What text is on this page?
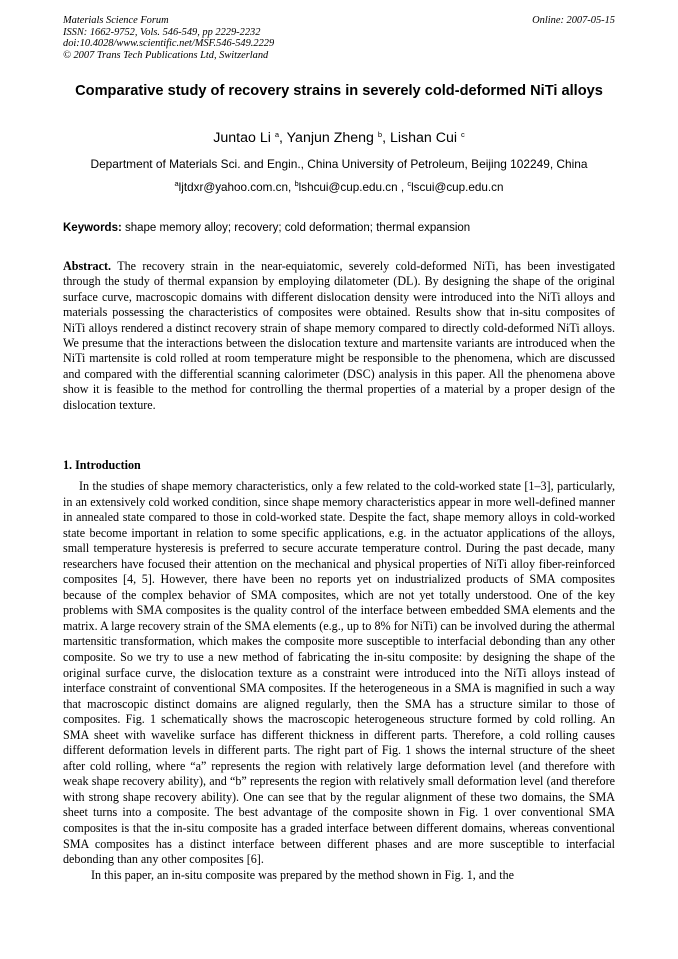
Materials Science Forum
ISSN: 1662-9752, Vols. 546-549, pp 2229-2232
doi:10.4028/www.scientific.net/MSF.546-549.2229
© 2007 Trans Tech Publications Ltd, Switzerland
Online: 2007-05-15
Comparative study of recovery strains in severely cold-deformed NiTi alloys
Juntao Li $^a$, Yanjun Zheng $^b$, Lishan Cui $^c$
Department of Materials Sci. and Engin., China University of Petroleum, Beijing 102249, China
$^a$ljtdxr@yahoo.com.cn, $^b$lshcui@cup.edu.cn , $^c$lscui@cup.edu.cn
Keywords: shape memory alloy; recovery; cold deformation; thermal expansion
Abstract. The recovery strain in the near-equiatomic, severely cold-deformed NiTi, has been investigated through the study of thermal expansion by employing dilatometer (DL). By designing the shape of the original surface curve, macroscopic domains with different dislocation density were introduced into the NiTi alloys and materials possessing the characteristics of composites were obtained. Results show that in-situ composites of NiTi alloys rendered a distinct recovery strain of shape memory compared to directly cold-deformed NiTi alloys. We presume that the interactions between the dislocation texture and martensite variants are introduced when the NiTi martensite is cold rolled at room temperature might be responsible to the phenomena, which are discussed and compared with the differential scanning calorimeter (DSC) analysis in this paper. All the phenomena above show it is feasible to the method for controlling the thermal properties of a material by a proper design of the dislocation texture.
1. Introduction

In the studies of shape memory characteristics, only a few related to the cold-worked state [1–3], particularly, in an extensively cold worked condition, since shape memory characteristics appear in more well-defined manner in annealed state compared to those in cold-worked state. Despite the fact, shape memory alloys in cold-worked state become important in relation to some specific applications, e.g. in the actuator applications of the alloys, small temperature hysteresis is preferred to secure accurate temperature control. During the past decade, many researchers have focused their attention on the mechanical and physical properties of NiTi alloy fiber-reinforced composites [4, 5]. However, there have been no reports yet on industrialized products of SMA composites because of the complex behavior of SMA composites, which are not yet totally understood. One of the key problems with SMA composites is the quality control of the interface between embedded SMA elements and the matrix. A large recovery strain of the SMA elements (e.g., up to 8% for NiTi) can be involved during the athermal martensitic transformation, which makes the composite more susceptible to interfacial debonding than any other composite. So we try to use a new method of fabricating the in-situ composite: by designing the shape of the original surface curve, the dislocation texture as a constraint were introduced into the NiTi alloys instead of interface constraint of conventional SMA composites. If the heterogeneous in a SMA is magnified in such a way that macroscopic distinct domains are aligned regularly, then the SMA has a structure similar to those of composites. Fig. 1 schematically shows the macroscopic heterogeneous structure formed by cold rolling. An SMA sheet with wavelike surface has different thickness in different parts. Therefore, a cold rolling causes different deformation levels in different parts. The right part of Fig. 1 shows the internal structure of the sheet after cold rolling, where “a” represents the region with relatively large deformation level (and therefore with weak shape recovery ability), and “b” represents the region with relatively small deformation level (and therefore with strong shape recovery ability). One can see that by the regular alignment of these two domains, the SMA sheet turns into a composite. The best advantage of the composite shown in Fig. 1 over conventional SMA composites is that the in-situ composite has a graded interface between different domains, whereas conventional SMA composites has a distinct interface between different phases and are more susceptible to interfacial debonding than any other composites [6].

In this paper, an in-situ composite was prepared by the method shown in Fig. 1, and the
